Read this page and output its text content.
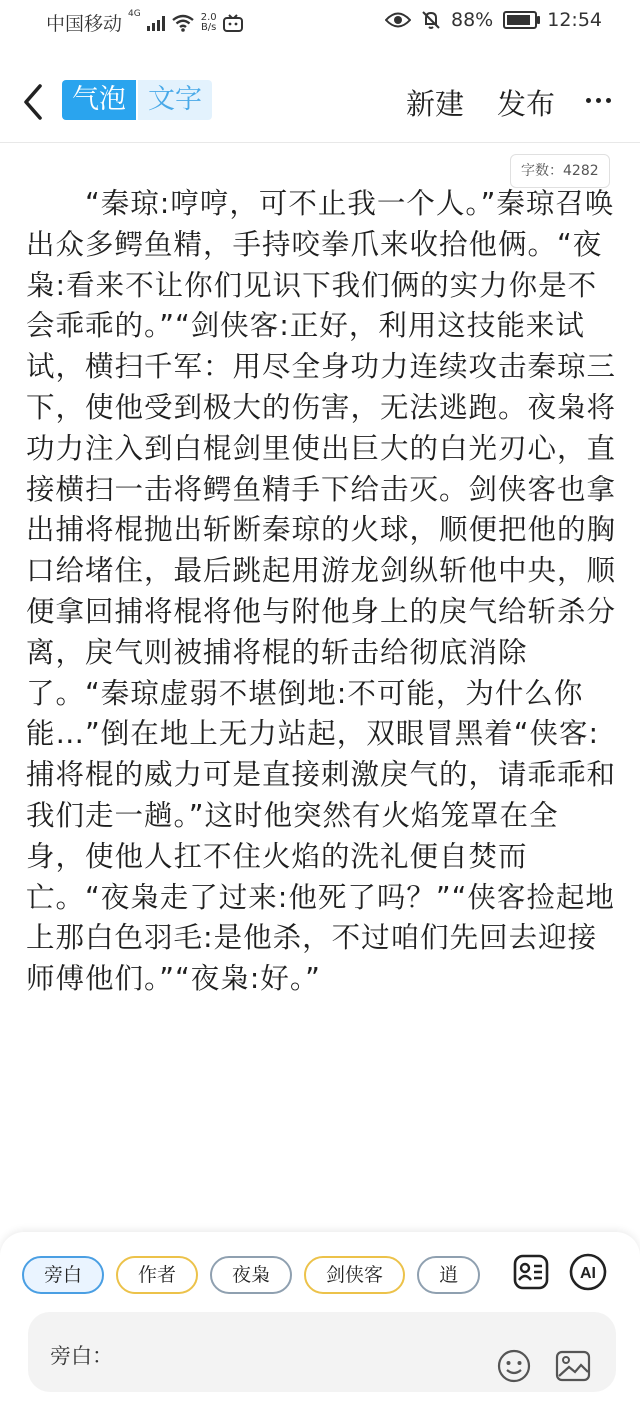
中国移动 4G	2.0
B/s	88%	12:54
气泡 文字	新建 发布
字数：4282
　　“秦琼:哼哼，可不止我一个人。”秦琼召唤出众多鳄鱼精，手持咬拳爪来收拾他俩。“夜枭:看来不让你们见识下我们俩的实力你是不会乖乖的。”“剑侠客:正好，利用这技能来试试，横扫千军：用尽全身功力连续攻击秦琼三下，使他受到极大的伤害，无法逃跑。夜枭将功力注入到白棍剑里使出巨大的白光刃心，直接横扫一击将鳄鱼精手下给击灭。剑侠客也拿出捕将棍抛出斩断秦琼的火球，顺便把他的胸口给堵住，最后跳起用游龙剑纵斩他中央，顺便拿回捕将棍将他与附他身上的戾气给斩杀分离，戾气则被捕将棍的斩击给彻底消除了。“秦琼虚弱不堪倒地:不可能，为什么你能…”倒在地上无力站起，双眼冒黑着“侠客:捕将棍的威力可是直接刺激戾气的，请乖乖和我们走一趟。”这时他突然有火焰笼罩在全身，使他人扛不住火焰的洗礼便自焚而亡。“夜枭走了过来:他死了吗？”“侠客捡起地上那白色羽毛:是他杀，不过咱们先回去迎接师傅他们。”“夜枭:好。”
旁白	作者	夜枭	剑侠客	逍	AI
旁白：
